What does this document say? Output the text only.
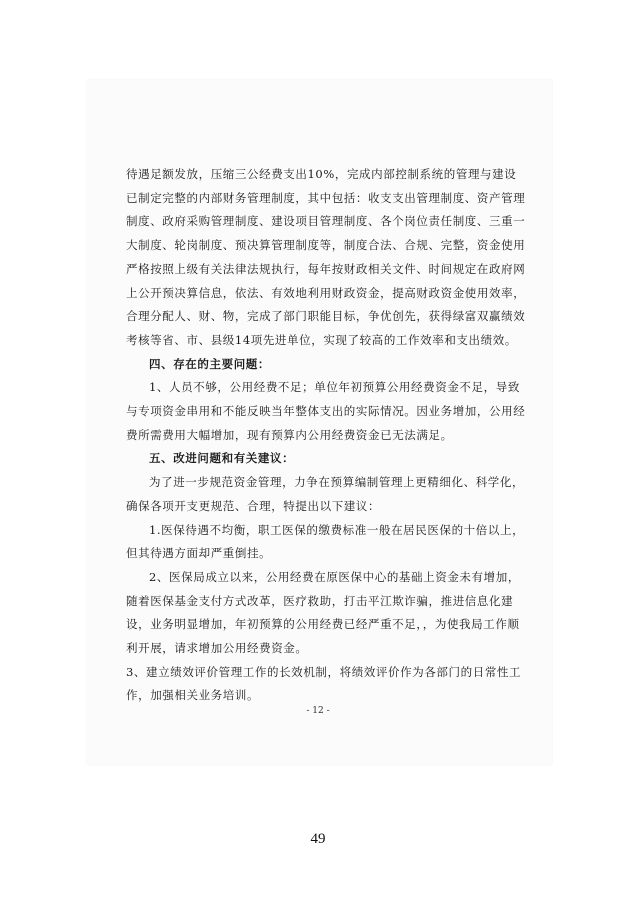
待遇足额发放，压缩三公经费支出10%，完成内部控制系统的管理与建设已制定完整的内部财务管理制度，其中包括：收支支出管理制度、资产管理制度、政府采购管理制度、建设项目管理制度、各个岗位责任制度、三重一大制度、轮岗制度、预决算管理制度等，制度合法、合规、完整，资金使用严格按照上级有关法律法规执行，每年按财政相关文件、时间规定在政府网上公开预决算信息，依法、有效地利用财政资金，提高财政资金使用效率，合理分配人、财、物，完成了部门职能目标，争优创先，获得绿富双赢绩效考核等省、市、县级14项先进单位，实现了较高的工作效率和支出绩效。

四、存在的主要问题：

1、人员不够，公用经费不足；单位年初预算公用经费资金不足，导致与专项资金串用和不能反映当年整体支出的实际情况。因业务增加，公用经费所需费用大幅增加，现有预算内公用经费资金已无法满足。

五、改进问题和有关建议：

为了进一步规范资金管理，力争在预算编制管理上更精细化、科学化，确保各项开支更规范、合理，特提出以下建议：

1.医保待遇不均衡，职工医保的缴费标准一般在居民医保的十倍以上，但其待遇方面却严重倒挂。

2、医保局成立以来，公用经费在原医保中心的基础上资金未有增加，随着医保基金支付方式改革，医疗救助，打击平江欺诈骗，推进信息化建设，业务明显增加，年初预算的公用经费已经严重不足，，为使我局工作顺利开展，请求增加公用经费资金。

3、建立绩效评价管理工作的长效机制，将绩效评价作为各部门的日常性工作，加强相关业务培训。

- 12 -
49
